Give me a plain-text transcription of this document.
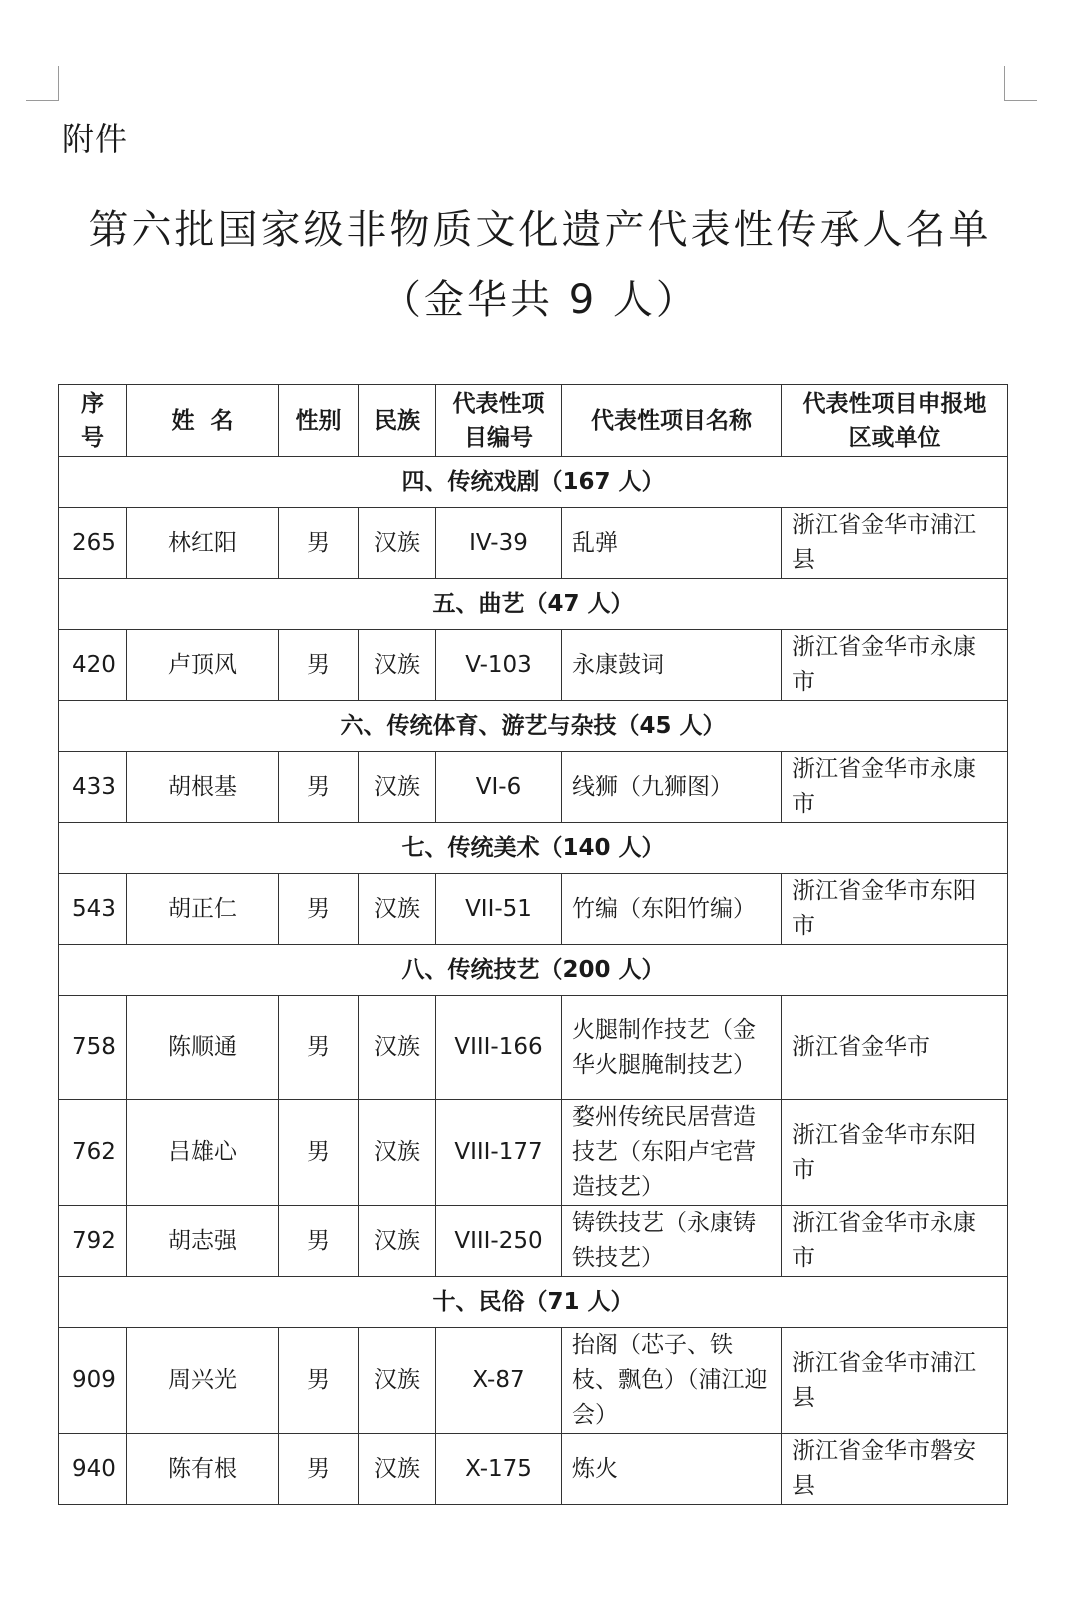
附件
第六批国家级非物质文化遗产代表性传承人名单
（金华共 9 人）
序号	姓  名	性别	民族	代表性项目编号	代表性项目名称	代表性项目申报地区或单位
四、传统戏剧（167 人）						
265	林红阳	男	汉族	IV-39	乱弹	浙江省金华市浦江县
五、曲艺（47 人）						
420	卢顶风	男	汉族	V-103	永康鼓词	浙江省金华市永康市
六、传统体育、游艺与杂技（45 人）						
433	胡根基	男	汉族	VI-6	线狮（九狮图）	浙江省金华市永康市
七、传统美术（140 人）						
543	胡正仁	男	汉族	VII-51	竹编（东阳竹编）	浙江省金华市东阳市
八、传统技艺（200 人）						
758	陈顺通	男	汉族	VIII-166	火腿制作技艺（金华火腿腌制技艺）	浙江省金华市
762	吕雄心	男	汉族	VIII-177	婺州传统民居营造技艺（东阳卢宅营造技艺）	浙江省金华市东阳市
792	胡志强	男	汉族	VIII-250	铸铁技艺（永康铸铁技艺）	浙江省金华市永康市
十、民俗（71 人）						
909	周兴光	男	汉族	X-87	抬阁（芯子、铁枝、飘色）（浦江迎会）	浙江省金华市浦江县
940	陈有根	男	汉族	X-175	炼火	浙江省金华市磐安县
